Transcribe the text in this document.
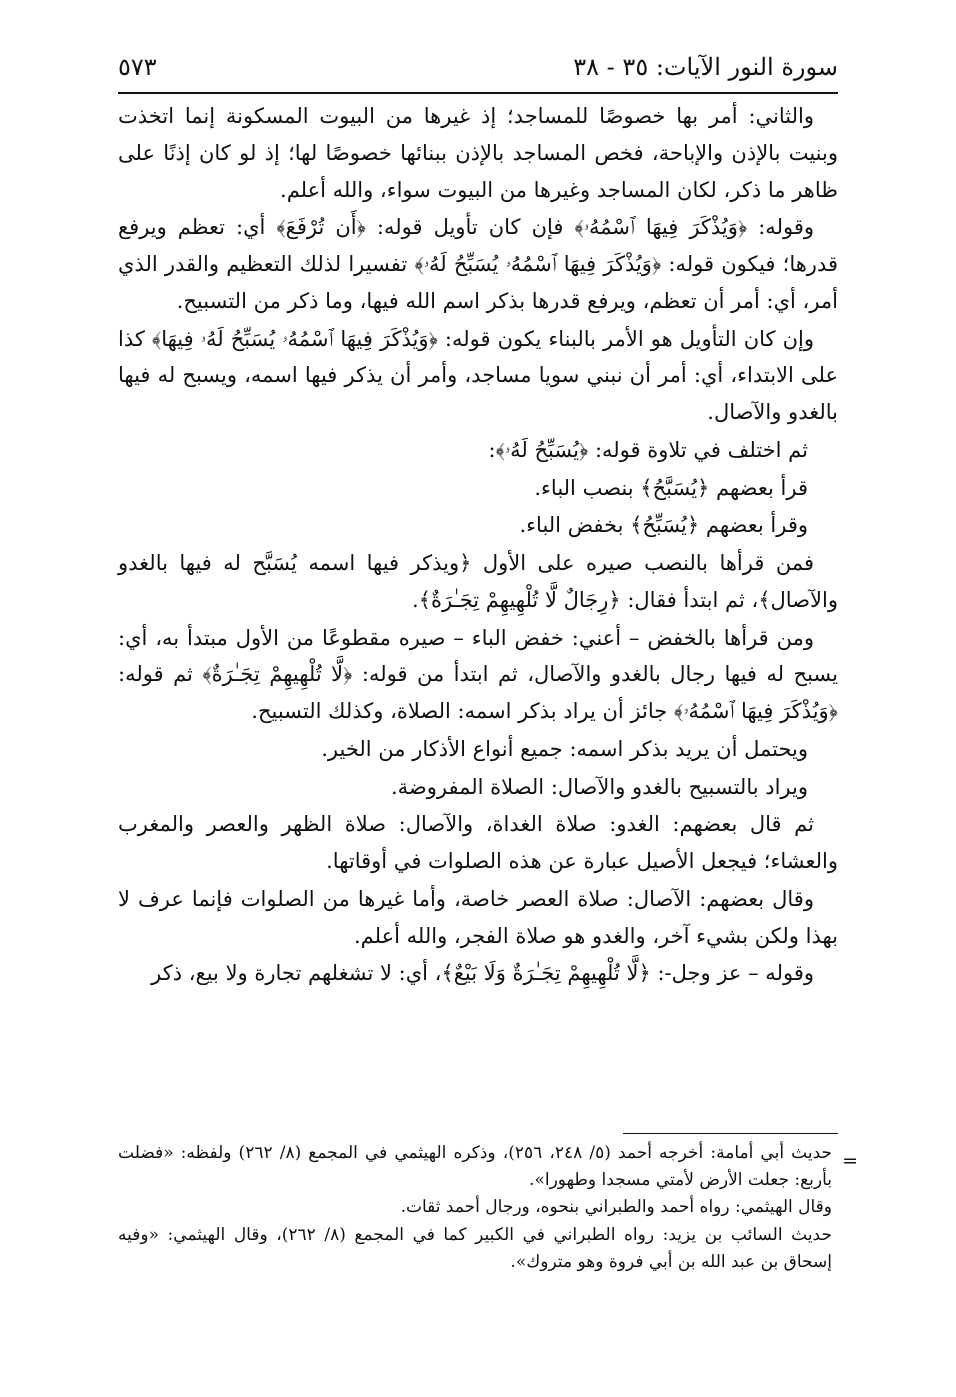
سورة النور الآيات: ٣٥ - ٣٨
٥٧٣

والثاني: أمر بها خصوصًا للمساجد؛ إذ غيرها من البيوت المسكونة إنما اتخذت وبنيت بالإذن والإباحة، فخص المساجد بالإذن ببنائها خصوصًا لها؛ إذ لو كان إذنًا على ظاهر ما ذكر، لكان المساجد وغيرها من البيوت سواء، والله أعلم.

وقوله: ﴿وَيُذْكَرَ فِيهَا ٱسْمُهُۥ﴾ فإن كان تأويل قوله: ﴿أَن تُرْفَعَ﴾ أي: تعظم ويرفع قدرها؛ فيكون قوله: ﴿وَيُذْكَرَ فِيهَا ٱسْمُهُۥ يُسَبِّحُ لَهُۥ﴾ تفسيرا لذلك التعظيم والقدر الذي أمر، أي: أمر أن تعظم، ويرفع قدرها بذكر اسم الله فيها، وما ذكر من التسبيح.

وإن كان التأويل هو الأمر بالبناء يكون قوله: ﴿وَيُذْكَرَ فِيهَا ٱسْمُهُۥ يُسَبِّحُ لَهُۥ فِيهَا﴾ كذا على الابتداء، أي: أمر أن نبني سويا مساجد، وأمر أن يذكر فيها اسمه، ويسبح له فيها بالغدو والآصال.

ثم اختلف في تلاوة قوله: ﴿يُسَبِّحُ لَهُۥ﴾:

قرأ بعضهم ﴿يُسَبَّحُ﴾ بنصب الباء.

وقرأ بعضهم ﴿يُسَبِّحُ﴾ بخفض الباء.

فمن قرأها بالنصب صيره على الأول ﴿ويذكر فيها اسمه يُسَبَّح له فيها بالغدو والآصال﴾، ثم ابتدأ فقال: ﴿رِجَالٌ لَّا تُلْهِيهِمْ تِجَـٰرَةٌ﴾.

ومن قرأها بالخفض – أعني: خفض الباء – صيره مقطوعًا من الأول مبتدأ به، أي: يسبح له فيها رجال بالغدو والآصال، ثم ابتدأ من قوله: ﴿لَّا تُلْهِيهِمْ تِجَـٰرَةٌ﴾ ثم قوله: ﴿وَيُذْكَرَ فِيهَا ٱسْمُهُۥ﴾ جائز أن يراد بذكر اسمه: الصلاة، وكذلك التسبيح.

ويحتمل أن يريد بذكر اسمه: جميع أنواع الأذكار من الخير.

ويراد بالتسبيح بالغدو والآصال: الصلاة المفروضة.

ثم قال بعضهم: الغدو: صلاة الغداة، والآصال: صلاة الظهر والعصر والمغرب والعشاء؛ فيجعل الأصيل عبارة عن هذه الصلوات في أوقاتها.

وقال بعضهم: الآصال: صلاة العصر خاصة، وأما غيرها من الصلوات فإنما عرف لا بهذا ولكن بشيء آخر، والغدو هو صلاة الفجر، والله أعلم.

وقوله – عز وجل-: ﴿لَّا تُلْهِيهِمْ تِجَـٰرَةٌ وَلَا بَيْعٌ﴾، أي: لا تشغلهم تجارة ولا بيع، ذكر

=

حديث أبي أمامة: أخرجه أحمد (٥/ ٢٤٨، ٢٥٦)، وذكره الهيثمي في المجمع (٨/ ٢٦٢) ولفظه: «فضلت بأربع: جعلت الأرض لأمتي مسجدا وطهورا».

وقال الهيثمي: رواه أحمد والطبراني بنحوه، ورجال أحمد ثقات.

حديث السائب بن يزيد: رواه الطبراني في الكبير كما في المجمع (٨/ ٢٦٢)، وقال الهيثمي: «وفيه إسحاق بن عبد الله بن أبي فروة وهو متروك».
